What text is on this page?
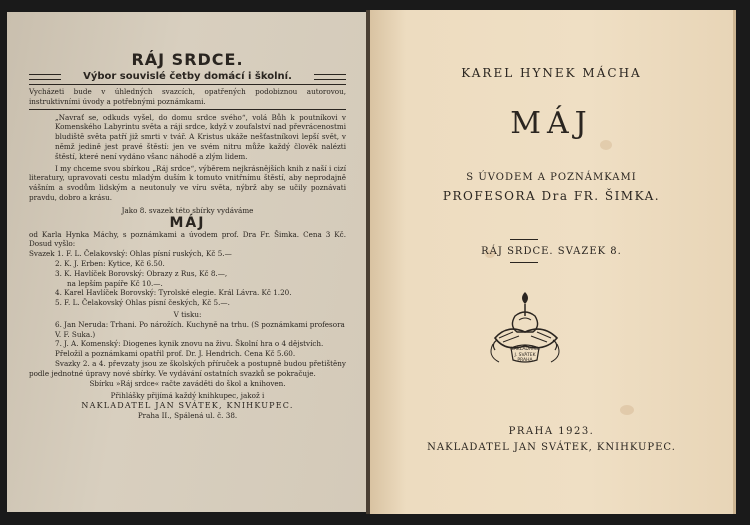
RÁJ SRDCE.

Výbor souvislé četby domácí i školní.

Vycházeti bude v úhledných svazcích, opatřených podobiznou autorovou, instruktivními úvody a potřebnými poznámkami.

„Navrať se, odkuds vyšel, do domu srdce svého“, volá Bůh k poutníkovi v Komenského Labyrintu světa a ráji srdce, když v zoufalství nad převrácenostmi bludiště světa patří již smrti v tvář. A Kristus ukáže nešťastníkovi lepší svět, v němž jedině jest pravé štěstí: jen ve svém nitru může každý člověk nalézti štěstí, které není vydáno všanc náhodě a zlým lidem.

I my chceme svou sbírkou „Ráj srdce“, výběrem nejkrásnějších knih z naší i cizí literatury, upravovati cestu mladým duším k tomuto vnitřnímu štěstí, aby neprodajně vášním a svodům lidským a neutonuly ve víru světa, nýbrž aby se učily poznávati pravdu, dobro a krásu.

Jako 8. svazek této sbírky vydáváme

MÁJ

od Karla Hynka Máchy, s poznámkami a úvodem prof. Dra Fr. Šimka. Cena 3 Kč. Dosud vyšlo:

Svazek 1. F. L. Čelakovský: Ohlas písní ruských, Kč 5.—
2. K. J. Erben: Kytice, Kč 6.50.
3. K. Havlíček Borovský: Obrazy z Rus, Kč 8.—,
na lepším papíře Kč 10.—.
4. Karel Havlíček Borovský: Tyrolské elegie. Král Lávra. Kč 1.20.
5. F. L. Čelakovský Ohlas písní českých, Kč 5.—.

V tisku:

6. Jan Neruda: Trhani. Po nárožích. Kuchyně na trhu. (S poznámkami profesora V. F. Suka.)
7. J. A. Komenský: Diogenes kynik znovu na živu. Školní hra o 4 dějstvích. Přeložil a poznámkami opatřil prof. Dr. J. Hendrich. Cena Kč 5.60.

Svazky 2. a 4. převzaty jsou ze školských příruček a postupně budou přetištěny podle jednotné úpravy nové sbírky. Ve vydávání ostatních svazků se pokračuje.

Sbírku »Ráj srdce« račte zaváděti do škol a knihoven.

Přihlášky přijímá každý knihkupec, jakož i

NAKLADATEL JAN SVÁTEK, KNIHKUPEC.

Praha II., Spálená ul. č. 38.

KAREL HYNEK MÁCHA
MÁJ
S ÚVODEM A POZNÁMKAMI
PROFESORA Dra FR. ŠIMKA.
RÁJ SRDCE. SVAZEK 8.
NAKLADATEL
J. SVÁTEK
PRAHA
PRAHA 1923.
NAKLADATEL JAN SVÁTEK, KNIHKUPEC.
